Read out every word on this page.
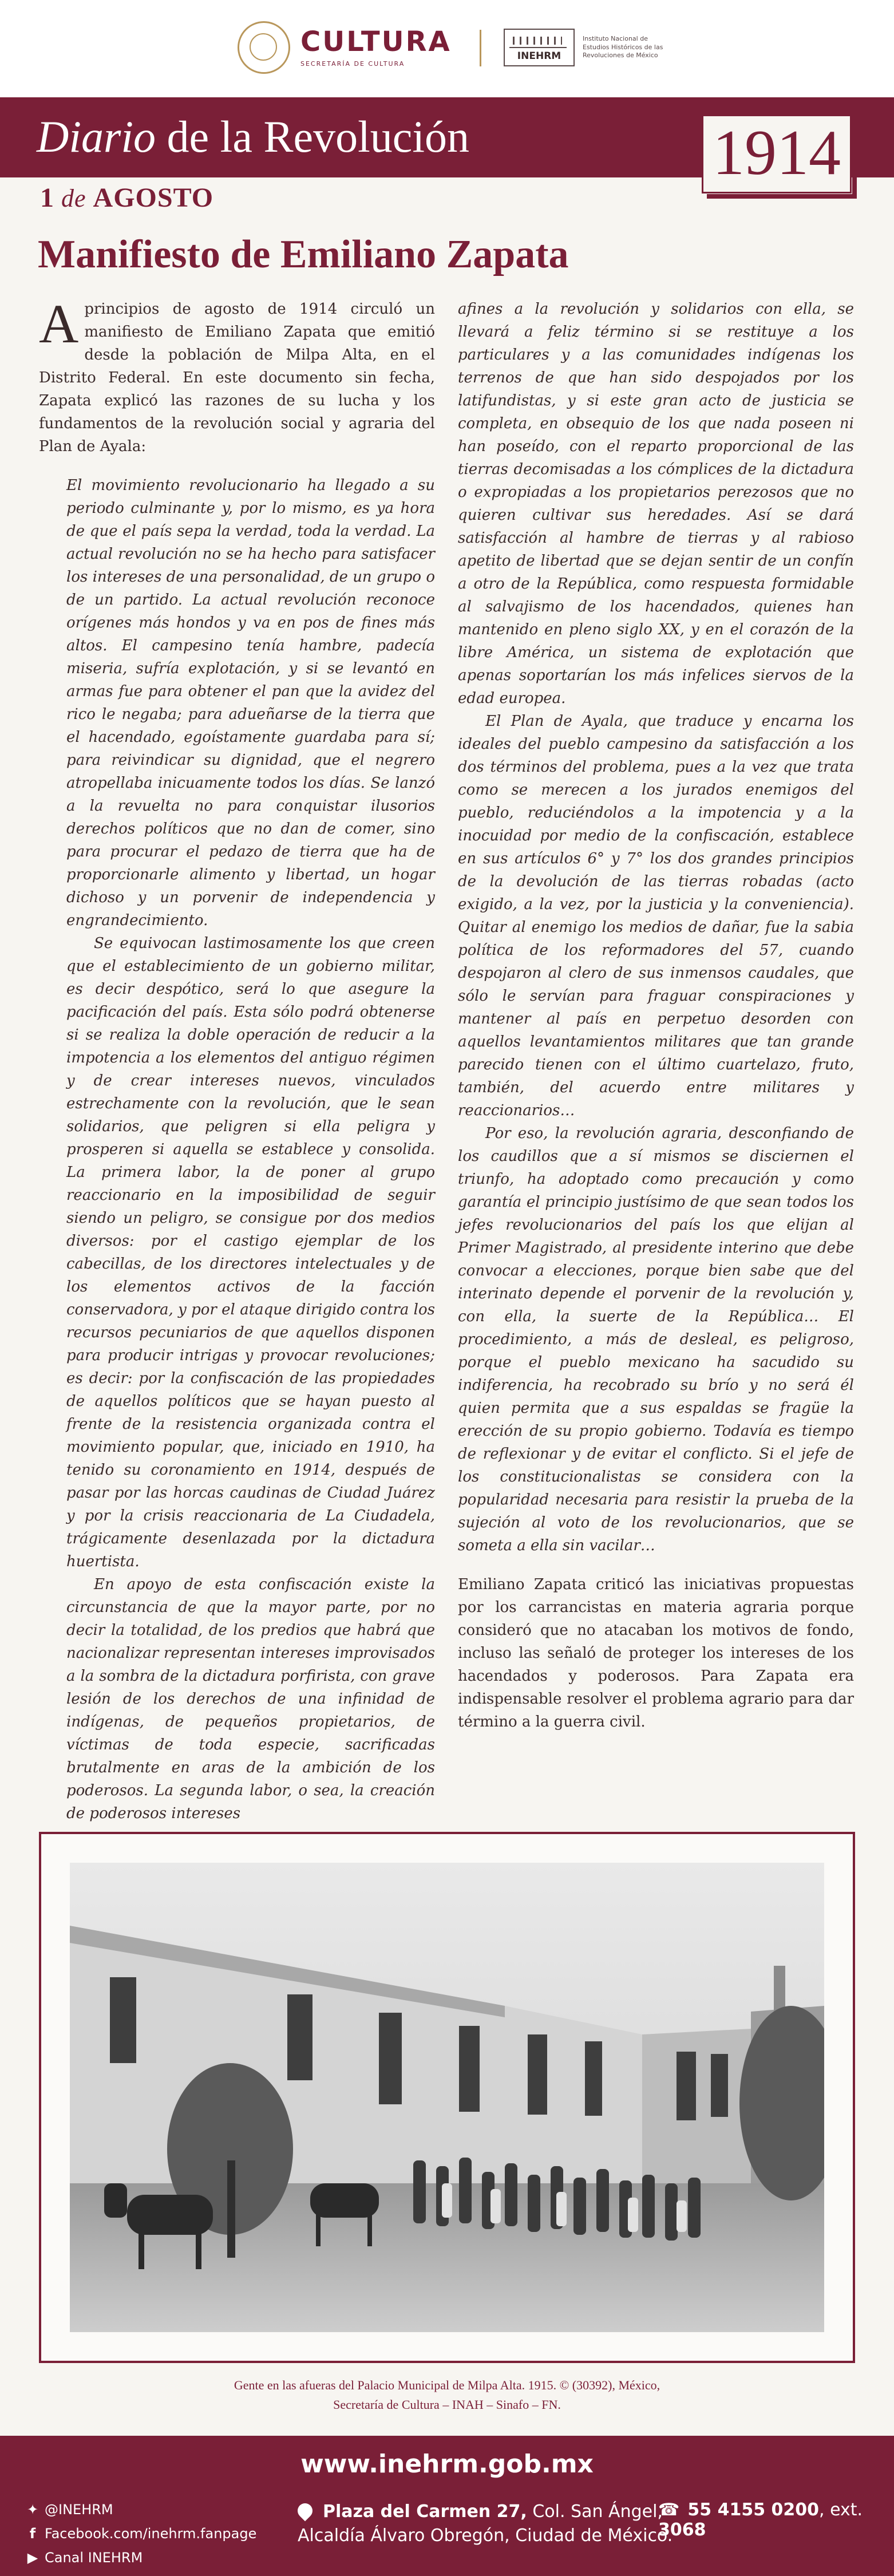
CULTURA
SECRETARÍA DE CULTURA
INEHRM
Instituto Nacional de
Estudios Históricos de las
Revoluciones de México
Diario de la Revolución	1914
1 de AGOSTO
Manifiesto de Emiliano Zapata

Aprincipios de agosto de 1914 circuló un manifiesto de Emiliano Zapata que emitió desde la población de Milpa Alta, en el Distrito Federal. En este documento sin fecha, Zapata explicó las razones de su lucha y los fundamentos de la revolución social y agraria del Plan de Ayala:

El movimiento revolucionario ha llegado a su periodo culminante y, por lo mismo, es ya hora de que el país sepa la verdad, toda la verdad. La actual revolución no se ha hecho para satisfacer los intereses de una personalidad, de un grupo o de un partido. La actual revolución reconoce orígenes más hondos y va en pos de fines más altos. El campesino tenía hambre, padecía miseria, sufría explotación, y si se levantó en armas fue para obtener el pan que la avidez del rico le negaba; para adueñarse de la tierra que el hacendado, egoístamente guardaba para sí; para reivindicar su dignidad, que el negrero atropellaba inicuamente todos los días. Se lanzó a la revuelta no para conquistar ilusorios derechos políticos que no dan de comer, sino para procurar el pedazo de tierra que ha de proporcionarle alimento y libertad, un hogar dichoso y un porvenir de independencia y engrandecimiento.

Se equivocan lastimosamente los que creen que el establecimiento de un gobierno militar, es decir despótico, será lo que asegure la pacificación del país. Esta sólo podrá obtenerse si se realiza la doble operación de reducir a la impotencia a los elementos del antiguo régimen y de crear intereses nuevos, vinculados estrechamente con la revolución, que le sean solidarios, que peligren si ella peligra y prosperen si aquella se establece y consolida. La primera labor, la de poner al grupo reaccionario en la imposibilidad de seguir siendo un peligro, se consigue por dos medios diversos: por el castigo ejemplar de los cabecillas, de los directores intelectuales y de los elementos activos de la facción conservadora, y por el ataque dirigido contra los recursos pecuniarios de que aquellos disponen para producir intrigas y provocar revoluciones; es decir: por la confiscación de las propiedades de aquellos políticos que se hayan puesto al frente de la resistencia organizada contra el movimiento popular, que, iniciado en 1910, ha tenido su coronamiento en 1914, después de pasar por las horcas caudinas de Ciudad Juárez y por la crisis reaccionaria de La Ciudadela, trágicamente desenlazada por la dictadura huertista.

En apoyo de esta confiscación existe la circunstancia de que la mayor parte, por no decir la totalidad, de los predios que habrá que nacionalizar representan intereses improvisados a la sombra de la dictadura porfirista, con grave lesión de los derechos de una infinidad de indígenas, de pequeños propietarios, de víctimas de toda especie, sacrificadas brutalmente en aras de la ambición de los poderosos. La segunda labor, o sea, la creación de poderosos intereses

afines a la revolución y solidarios con ella, se llevará a feliz término si se restituye a los particulares y a las comunidades indígenas los terrenos de que han sido despojados por los latifundistas, y si este gran acto de justicia se completa, en obsequio de los que nada poseen ni han poseído, con el reparto proporcional de las tierras decomisadas a los cómplices de la dictadura o expropiadas a los propietarios perezosos que no quieren cultivar sus heredades. Así se dará satisfacción al hambre de tierras y al rabioso apetito de libertad que se dejan sentir de un confín a otro de la República, como respuesta formidable al salvajismo de los hacendados, quienes han mantenido en pleno siglo XX, y en el corazón de la libre América, un sistema de explotación que apenas soportarían los más infelices siervos de la edad europea.

El Plan de Ayala, que traduce y encarna los ideales del pueblo campesino da satisfacción a los dos términos del problema, pues a la vez que trata como se merecen a los jurados enemigos del pueblo, reduciéndolos a la impotencia y a la inocuidad por medio de la confiscación, establece en sus artículos 6° y 7° los dos grandes principios de la devolución de las tierras robadas (acto exigido, a la vez, por la justicia y la conveniencia). Quitar al enemigo los medios de dañar, fue la sabia política de los reformadores del 57, cuando despojaron al clero de sus inmensos caudales, que sólo le servían para fraguar conspiraciones y mantener al país en perpetuo desorden con aquellos levantamientos militares que tan grande parecido tienen con el último cuartelazo, fruto, también, del acuerdo entre militares y reaccionarios…

Por eso, la revolución agraria, desconfiando de los caudillos que a sí mismos se disciernen el triunfo, ha adoptado como precaución y como garantía el principio justísimo de que sean todos los jefes revolucionarios del país los que elijan al Primer Magistrado, al presidente interino que debe convocar a elecciones, porque bien sabe que del interinato depende el porvenir de la revolución y, con ella, la suerte de la República… El procedimiento, a más de desleal, es peligroso, porque el pueblo mexicano ha sacudido su indiferencia, ha recobrado su brío y no será él quien permita que a sus espaldas se fragüe la erección de su propio gobierno. Todavía es tiempo de reflexionar y de evitar el conflicto. Si el jefe de los constitucionalistas se considera con la popularidad necesaria para resistir la prueba de la sujeción al voto de los revolucionarios, que se someta a ella sin vacilar…

Emiliano Zapata criticó las iniciativas propuestas por los carrancistas en materia agraria porque consideró que no atacaban los motivos de fondo, incluso las señaló de proteger los intereses de los hacendados y poderosos. Para Zapata era indispensable resolver el problema agrario para dar término a la guerra civil.

Gente en las afueras del Palacio Municipal de Milpa Alta. 1915. © (30392), México,
Secretaría de Cultura – INAH – Sinafo – FN.
www.inehrm.gob.mx
✦ @INEHRM
f Facebook.com/inehrm.fanpage
▶ Canal INEHRM
Plaza del Carmen 27, Col. San Ángel,
Alcaldía Álvaro Obregón, Ciudad de México.
☎ 55 4155 0200, ext. 3068
